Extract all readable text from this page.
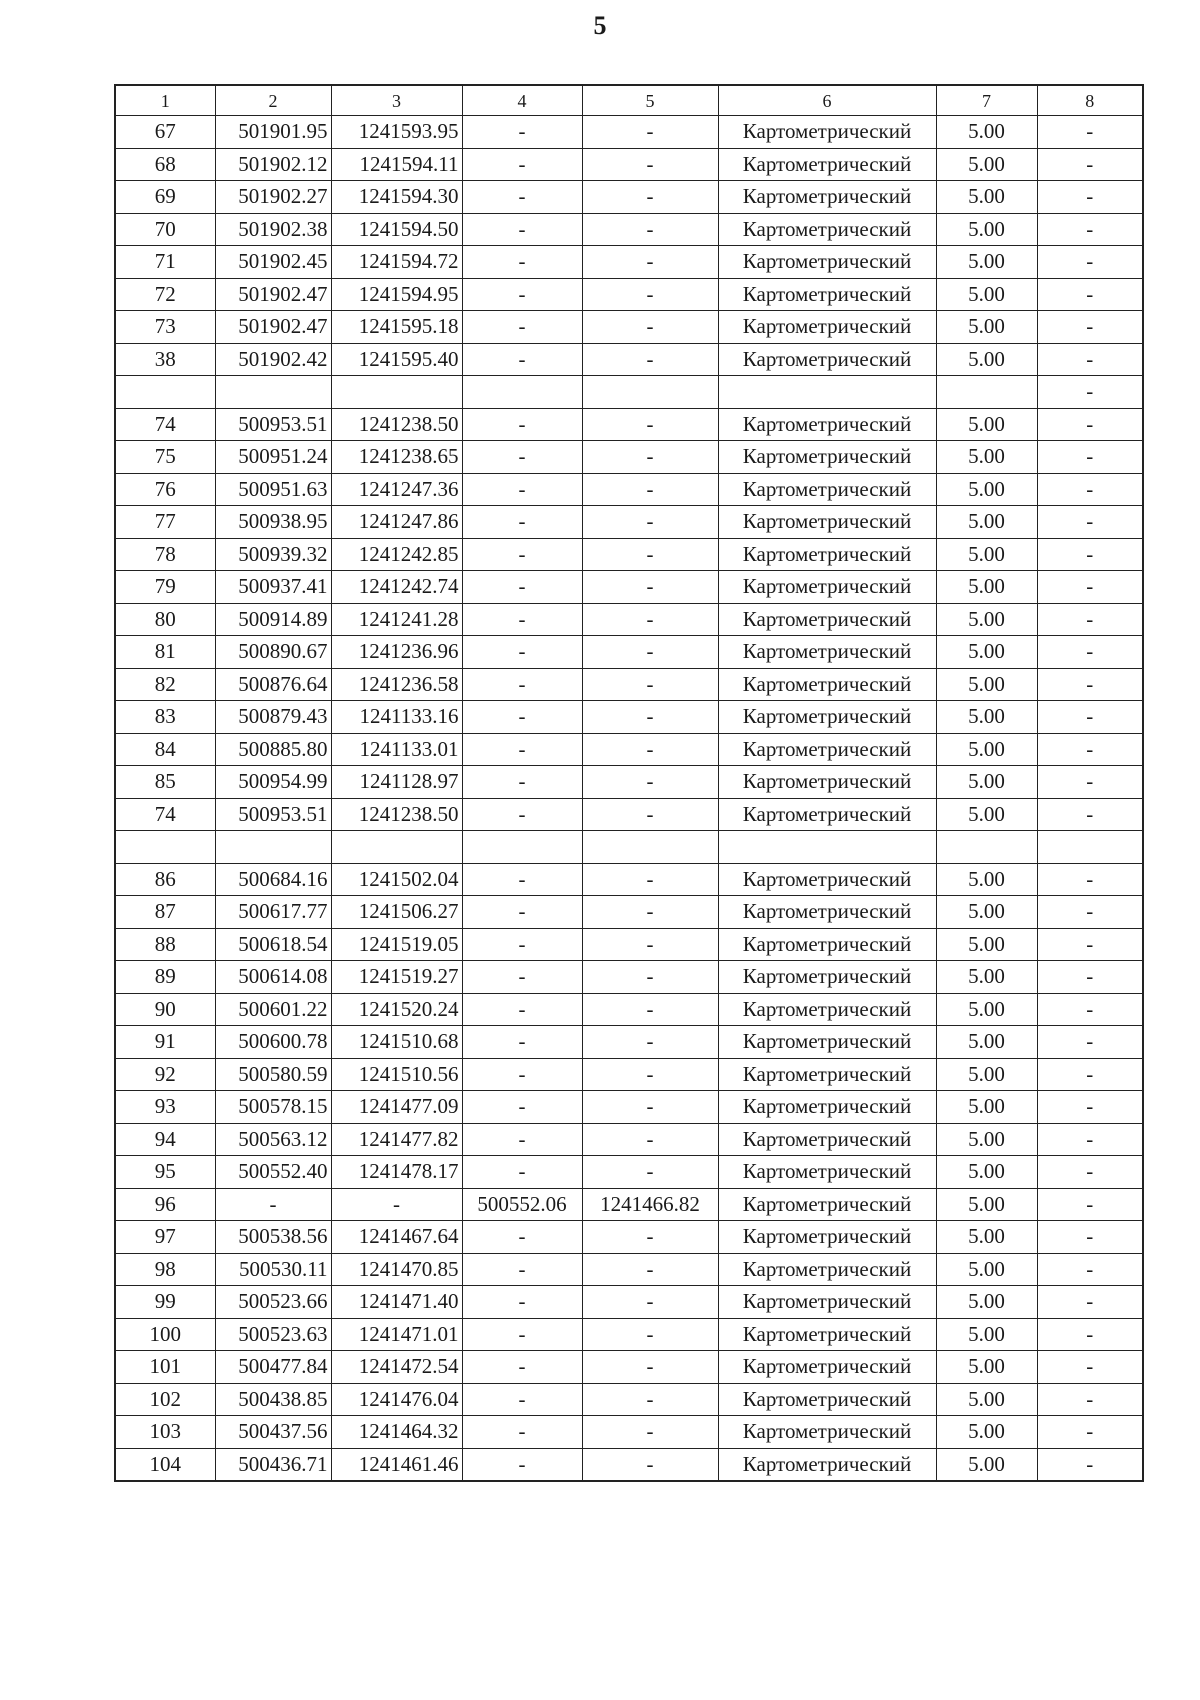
5
1	2	3	4	5	6	7	8
67	501901.95	1241593.95	-	-	Картометрический	5.00	-
68	501902.12	1241594.11	-	-	Картометрический	5.00	-
69	501902.27	1241594.30	-	-	Картометрический	5.00	-
70	501902.38	1241594.50	-	-	Картометрический	5.00	-
71	501902.45	1241594.72	-	-	Картометрический	5.00	-
72	501902.47	1241594.95	-	-	Картометрический	5.00	-
73	501902.47	1241595.18	-	-	Картометрический	5.00	-
38	501902.42	1241595.40	-	-	Картометрический	5.00	-
							-
74	500953.51	1241238.50	-	-	Картометрический	5.00	-
75	500951.24	1241238.65	-	-	Картометрический	5.00	-
76	500951.63	1241247.36	-	-	Картометрический	5.00	-
77	500938.95	1241247.86	-	-	Картометрический	5.00	-
78	500939.32	1241242.85	-	-	Картометрический	5.00	-
79	500937.41	1241242.74	-	-	Картометрический	5.00	-
80	500914.89	1241241.28	-	-	Картометрический	5.00	-
81	500890.67	1241236.96	-	-	Картометрический	5.00	-
82	500876.64	1241236.58	-	-	Картометрический	5.00	-
83	500879.43	1241133.16	-	-	Картометрический	5.00	-
84	500885.80	1241133.01	-	-	Картометрический	5.00	-
85	500954.99	1241128.97	-	-	Картометрический	5.00	-
74	500953.51	1241238.50	-	-	Картометрический	5.00	-

86	500684.16	1241502.04	-	-	Картометрический	5.00	-
87	500617.77	1241506.27	-	-	Картометрический	5.00	-
88	500618.54	1241519.05	-	-	Картометрический	5.00	-
89	500614.08	1241519.27	-	-	Картометрический	5.00	-
90	500601.22	1241520.24	-	-	Картометрический	5.00	-
91	500600.78	1241510.68	-	-	Картометрический	5.00	-
92	500580.59	1241510.56	-	-	Картометрический	5.00	-
93	500578.15	1241477.09	-	-	Картометрический	5.00	-
94	500563.12	1241477.82	-	-	Картометрический	5.00	-
95	500552.40	1241478.17	-	-	Картометрический	5.00	-
96	-	-	500552.06	1241466.82	Картометрический	5.00	-
97	500538.56	1241467.64	-	-	Картометрический	5.00	-
98	500530.11	1241470.85	-	-	Картометрический	5.00	-
99	500523.66	1241471.40	-	-	Картометрический	5.00	-
100	500523.63	1241471.01	-	-	Картометрический	5.00	-
101	500477.84	1241472.54	-	-	Картометрический	5.00	-
102	500438.85	1241476.04	-	-	Картометрический	5.00	-
103	500437.56	1241464.32	-	-	Картометрический	5.00	-
104	500436.71	1241461.46	-	-	Картометрический	5.00	-
